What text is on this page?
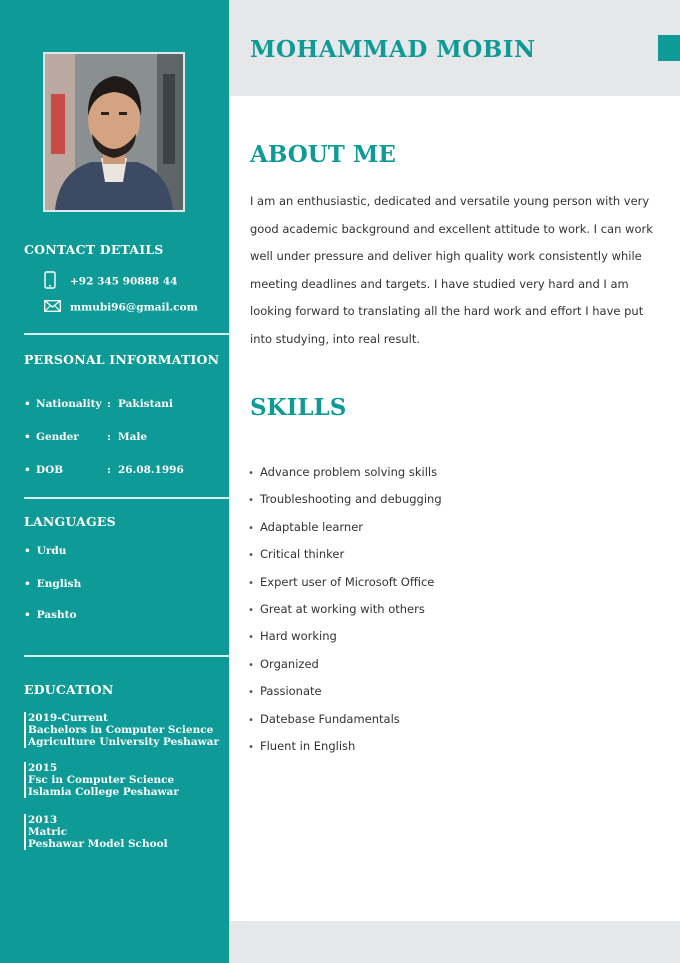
CONTACT DETAILS
+92 345 90888 44
mmubi96@gmail.com
PERSONAL INFORMATION
• Nationality : Pakistani
• Gender	: Male
• DOB	: 26.08.1996
LANGUAGES
• Urdu
• English
• Pashto
EDUCATION
2019-Current
Bachelors in Computer Science
Agriculture University Peshawar
2015
Fsc in Computer Science
Islamia College Peshawar
2013
Matric
Peshawar Model School
MOHAMMAD MOBIN
ABOUT ME

I am an enthusiastic, dedicated and versatile young person with very good academic background and excellent attitude to work. I can work well under pressure and deliver high quality work consistently while meeting deadlines and targets. I have studied very hard and I am looking forward to translating all the hard work and effort I have put into studying, into real result.

SKILLS
• Advance problem solving skills
• Troubleshooting and debugging
• Adaptable learner
• Critical thinker
• Expert user of Microsoft Office
• Great at working with others
• Hard working
• Organized
• Passionate
• Datebase Fundamentals
• Fluent in English
